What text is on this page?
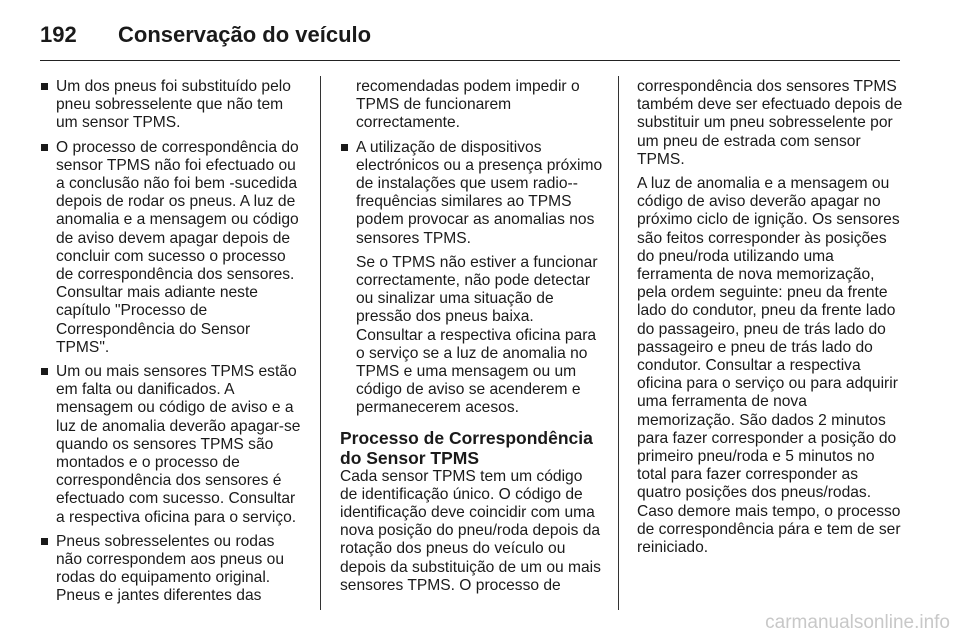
192	Conservação do veículo
Um dos pneus foi substituído pelo pneu sobresselente que não tem um sensor TPMS.
O processo de correspondência do sensor TPMS não foi efectuado ou a conclusão não foi bem -sucedida depois de rodar os pneus. A luz de anomalia e a mensagem ou código de aviso devem apagar depois de concluir com sucesso o processo de correspondência dos sensores. Consultar mais adiante neste capítulo "Processo de Correspondência do Sensor TPMS".
Um ou mais sensores TPMS estão em falta ou danificados. A mensagem ou código de aviso e a luz de anomalia deverão apagar-se quando os sensores TPMS são montados e o processo de correspondência dos sensores é efectuado com sucesso. Consultar a respectiva oficina para o serviço.
Pneus sobresselentes ou rodas não correspondem aos pneus ou rodas do equipamento original. Pneus e jantes diferentes das

recomendadas podem impedir o TPMS de funcionarem correctamente.

A utilização de dispositivos electrónicos ou a presença próximo de instalações que usem radio--frequências similares ao TPMS podem provocar as anomalias nos sensores TPMS.

Se o TPMS não estiver a funcionar correctamente, não pode detectar ou sinalizar uma situação de pressão dos pneus baixa. Consultar a respectiva oficina para o serviço se a luz de anomalia no TPMS e uma mensagem ou um código de aviso se acenderem e permanecerem acesos.

Processo de Correspondência do Sensor TPMS

Cada sensor TPMS tem um código de identificação único. O código de identificação deve coincidir com uma nova posição do pneu/roda depois da rotação dos pneus do veículo ou depois da substituição de um ou mais sensores TPMS. O processo de

correspondência dos sensores TPMS também deve ser efectuado depois de substituir um pneu sobresselente por um pneu de estrada com sensor TPMS.

A luz de anomalia e a mensagem ou código de aviso deverão apagar no próximo ciclo de ignição. Os sensores são feitos corresponder às posições do pneu/roda utilizando uma ferramenta de nova memorização, pela ordem seguinte: pneu da frente lado do condutor, pneu da frente lado do passageiro, pneu de trás lado do passageiro e pneu de trás lado do condutor. Consultar a respectiva oficina para o serviço ou para adquirir uma ferramenta de nova memorização. São dados 2 minutos para fazer corresponder a posição do primeiro pneu/roda e 5 minutos no total para fazer corresponder as quatro posições dos pneus/rodas. Caso demore mais tempo, o processo de correspondência pára e tem de ser reiniciado.

carmanualsonline.info
